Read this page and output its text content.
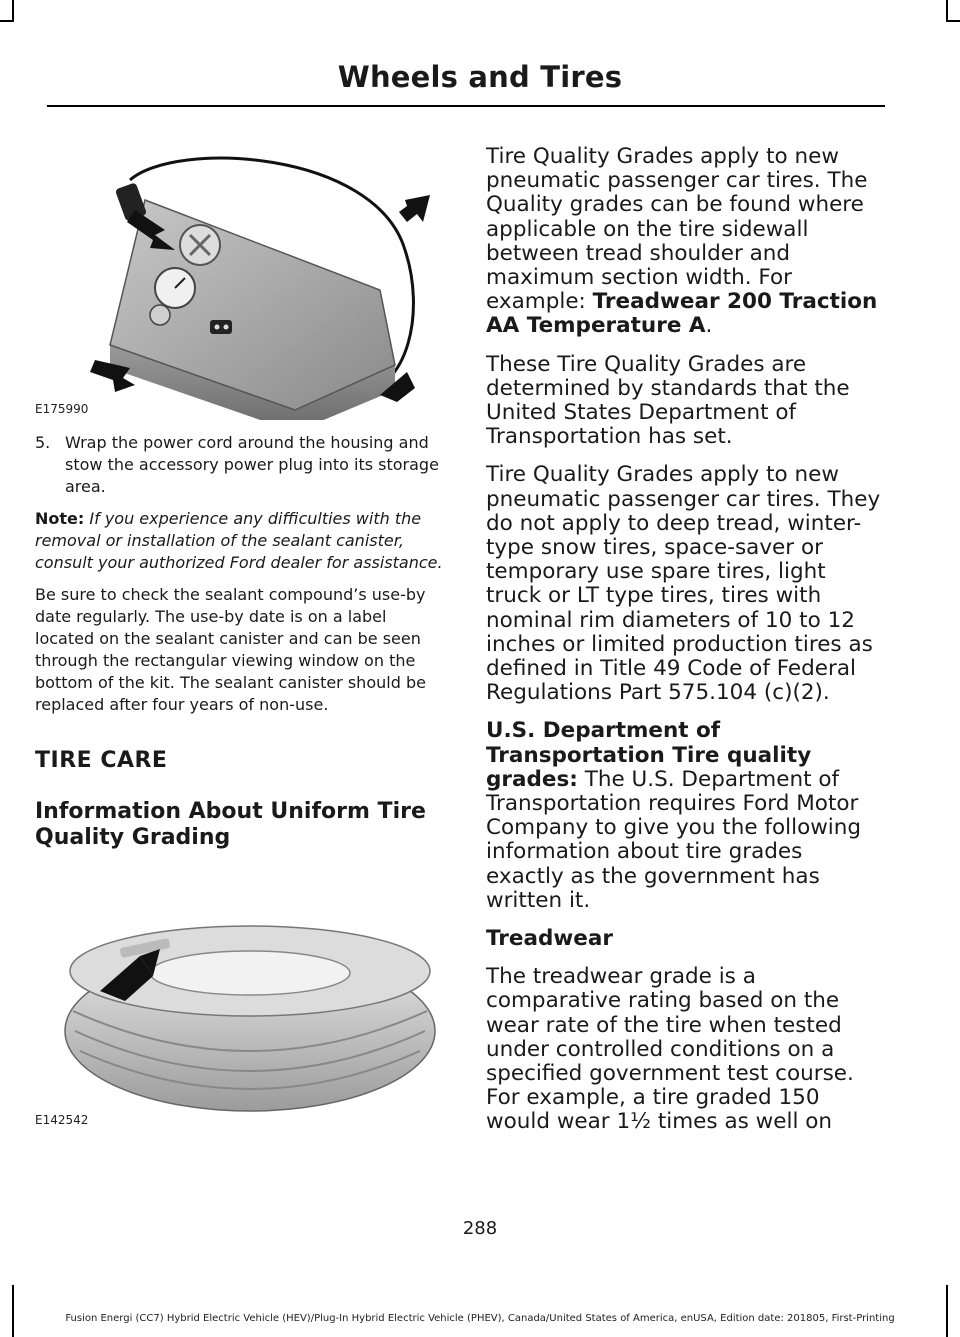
Wheels and Tires
E175990
5. Wrap the power cord around the housing and stow the accessory power plug into its storage area.
Note: If you experience any difficulties with the removal or installation of the sealant canister, consult your authorized Ford dealer for assistance.
Be sure to check the sealant compound’s use-by date regularly. The use-by date is on a label located on the sealant canister and can be seen through the rectangular viewing window on the bottom of the kit. The sealant canister should be replaced after four years of non-use.
TIRE CARE
Information About Uniform Tire Quality Grading
E142542

Tire Quality Grades apply to new pneumatic passenger car tires. The Quality grades can be found where applicable on the tire sidewall between tread shoulder and maximum section width. For example: Treadwear 200 Traction AA Temperature A.

These Tire Quality Grades are determined by standards that the United States Department of Transportation has set.

Tire Quality Grades apply to new pneumatic passenger car tires. They do not apply to deep tread, winter-type snow tires, space-saver or temporary use spare tires, light truck or LT type tires, tires with nominal rim diameters of 10 to 12 inches or limited production tires as defined in Title 49 Code of Federal Regulations Part 575.104 (c)(2).

U.S. Department of Transportation Tire quality grades: The U.S. Department of Transportation requires Ford Motor Company to give you the following information about tire grades exactly as the government has written it.

Treadwear

The treadwear grade is a comparative rating based on the wear rate of the tire when tested under controlled conditions on a specified government test course. For example, a tire graded 150 would wear 1½ times as well on

288
Fusion Energi (CC7) Hybrid Electric Vehicle (HEV)/Plug-In Hybrid Electric Vehicle (PHEV), Canada/United States of America, enUSA, Edition date: 201805, First-Printing
